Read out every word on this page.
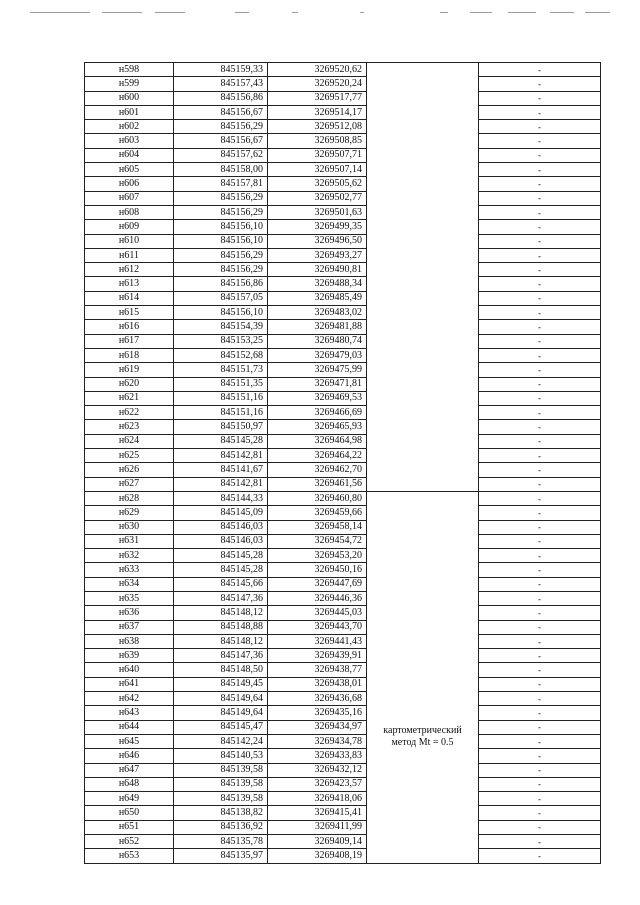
н598	845159,33	3269520,62		-
н599	845157,43	3269520,24		-
н600	845156,86	3269517,77		-
н601	845156,67	3269514,17		-
н602	845156,29	3269512,08		-
н603	845156,67	3269508,85		-
н604	845157,62	3269507,71		-
н605	845158,00	3269507,14		-
н606	845157,81	3269505,62		-
н607	845156,29	3269502,77		-
н608	845156,29	3269501,63		-
н609	845156,10	3269499,35		-
н610	845156,10	3269496,50		-
н611	845156,29	3269493,27		-
н612	845156,29	3269490,81		-
н613	845156,86	3269488,34		-
н614	845157,05	3269485,49		-
н615	845156,10	3269483,02		-
н616	845154,39	3269481,88		-
н617	845153,25	3269480,74		-
н618	845152,68	3269479,03		-
н619	845151,73	3269475,99		-
н620	845151,35	3269471,81		-
н621	845151,16	3269469,53		-
н622	845151,16	3269466,69		-
н623	845150,97	3269465,93		-
н624	845145,28	3269464,98		-
н625	845142,81	3269464,22		-
н626	845141,67	3269462,70		-
н627	845142,81	3269461,56		-
н628	845144,33	3269460,80	картометрический
метод Mt = 0.5	-
н629	845145,09	3269459,66		-
н630	845146,03	3269458,14		-
н631	845146,03	3269454,72		-
н632	845145,28	3269453,20		-
н633	845145,28	3269450,16		-
н634	845145,66	3269447,69		-
н635	845147,36	3269446,36		-
н636	845148,12	3269445,03		-
н637	845148,88	3269443,70		-
н638	845148,12	3269441,43		-
н639	845147,36	3269439,91		-
н640	845148,50	3269438,77		-
н641	845149,45	3269438,01		-
н642	845149,64	3269436,68		-
н643	845149,64	3269435,16		-
н644	845145,47	3269434,97		-
н645	845142,24	3269434,78		-
н646	845140,53	3269433,83		-
н647	845139,58	3269432,12		-
н648	845139,58	3269423,57		-
н649	845139,58	3269418,06		-
н650	845138,82	3269415,41		-
н651	845136,92	3269411,99		-
н652	845135,78	3269409,14		-
н653	845135,97	3269408,19		-
